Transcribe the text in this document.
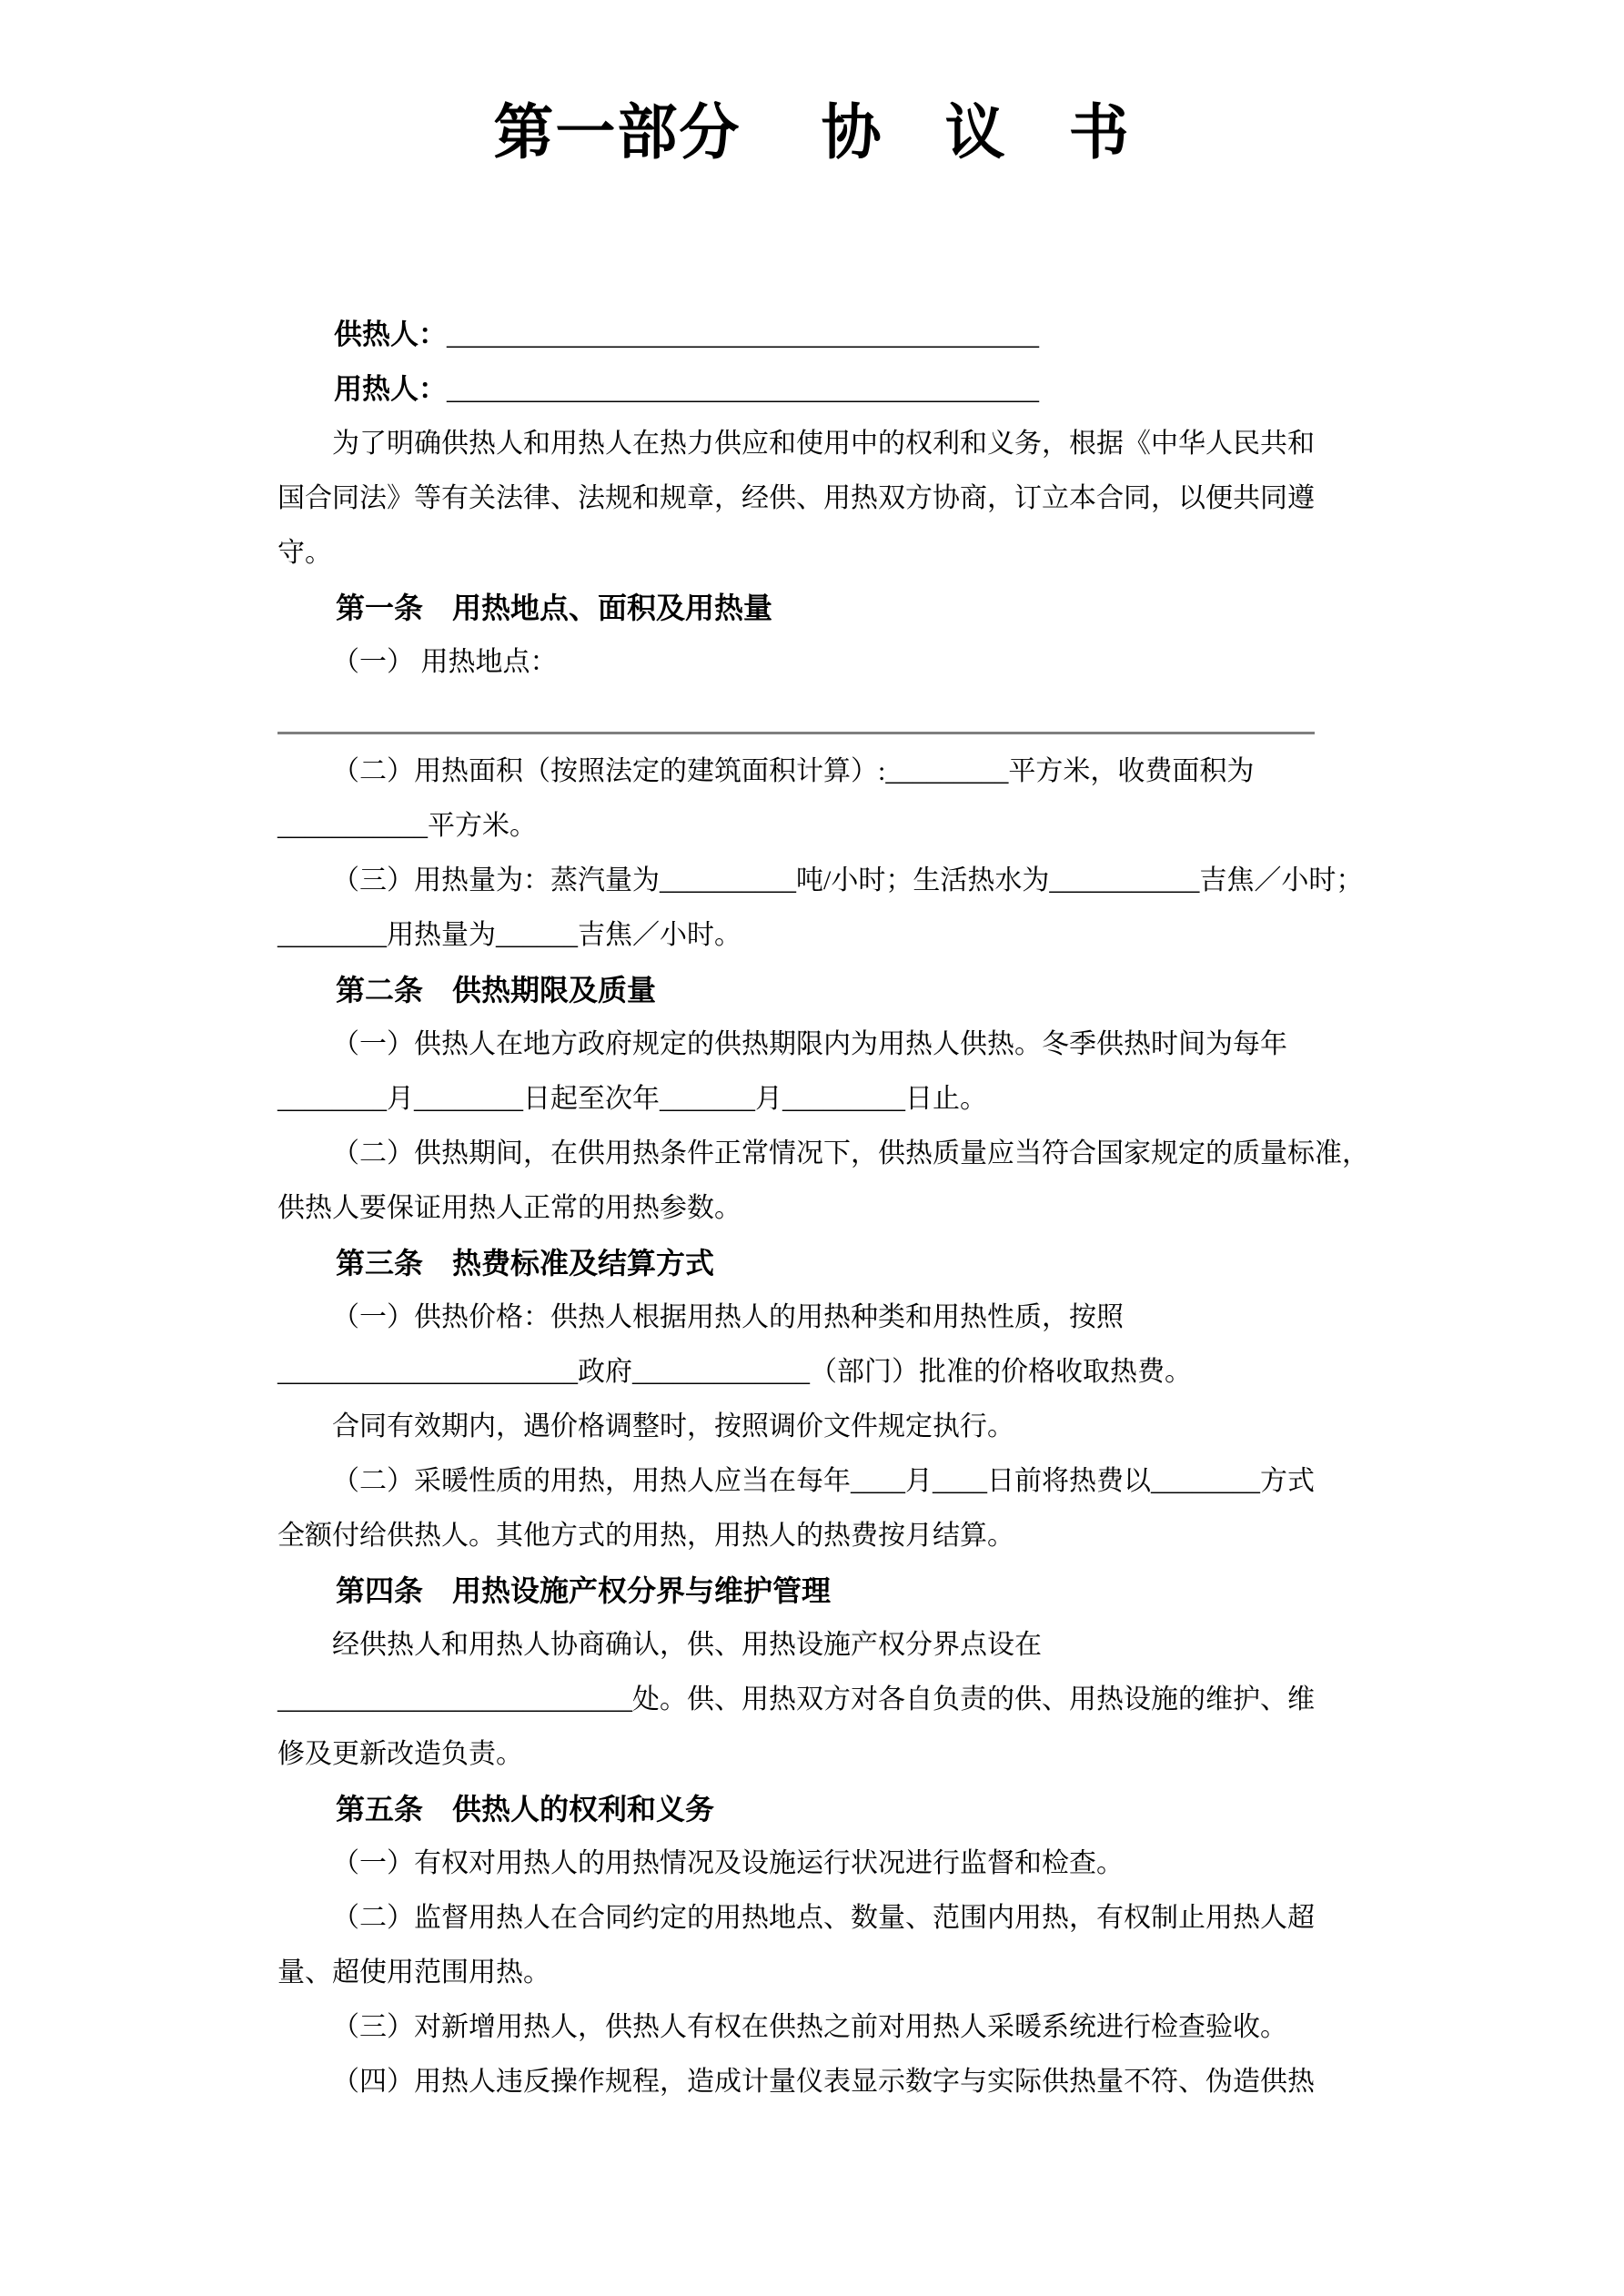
第一部分　 协　议　书
供热人：__________________________________________
用热人：__________________________________________
为了明确供热人和用热人在热力供应和使用中的权利和义务，根据《中华人民共和
国合同法》等有关法律、法规和规章，经供、用热双方协商，订立本合同，以便共同遵
守。
第一条　用热地点、面积及用热量
（一） 用热地点：
（二）用热面积（按照法定的建筑面积计算）:_________平方米，收费面积为
___________平方米。
（三）用热量为：蒸汽量为__________吨/小时；生活热水为___________吉焦／小时；
________用热量为______吉焦／小时。
第二条　供热期限及质量
（一）供热人在地方政府规定的供热期限内为用热人供热。冬季供热时间为每年
________月________日起至次年_______月_________日止。
（二）供热期间，在供用热条件正常情况下，供热质量应当符合国家规定的质量标准，
供热人要保证用热人正常的用热参数。
第三条　热费标准及结算方式
（一）供热价格：供热人根据用热人的用热种类和用热性质，按照
______________________政府_____________（部门）批准的价格收取热费。
合同有效期内，遇价格调整时，按照调价文件规定执行。
（二）采暖性质的用热，用热人应当在每年____月____日前将热费以________方式
全额付给供热人。其他方式的用热，用热人的热费按月结算。
第四条　用热设施产权分界与维护管理
经供热人和用热人协商确认，供、用热设施产权分界点设在
__________________________处。供、用热双方对各自负责的供、用热设施的维护、维
修及更新改造负责。
第五条　供热人的权利和义务
（一）有权对用热人的用热情况及设施运行状况进行监督和检查。
（二）监督用热人在合同约定的用热地点、数量、范围内用热，有权制止用热人超
量、超使用范围用热。
（三）对新增用热人，供热人有权在供热之前对用热人采暖系统进行检查验收。
（四）用热人违反操作规程，造成计量仪表显示数字与实际供热量不符、伪造供热
